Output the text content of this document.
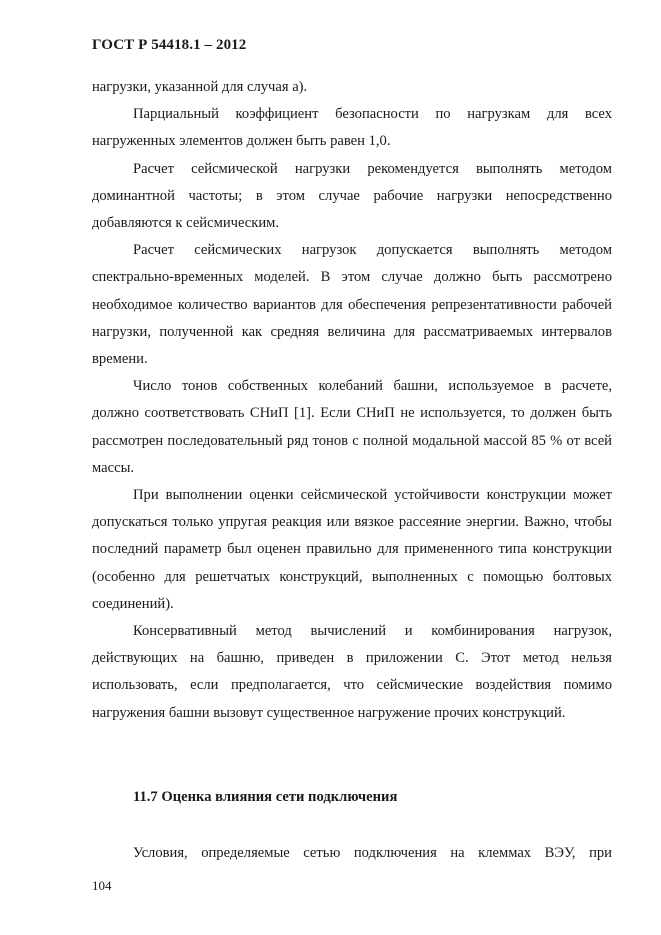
ГОСТ Р 54418.1 – 2012

нагрузки, указанной для случая а).

Парциальный коэффициент безопасности по нагрузкам для всех нагруженных элементов должен быть равен 1,0.

Расчет сейсмической нагрузки рекомендуется выполнять методом доминантной частоты; в этом случае рабочие нагрузки непосредственно добавляются к сейсмическим.

Расчет сейсмических нагрузок допускается выполнять методом спектрально-временных моделей. В этом случае должно быть рассмотрено необходимое количество вариантов для обеспечения репрезентативности рабочей нагрузки, полученной как средняя величина для рассматриваемых интервалов времени.

Число тонов собственных колебаний башни, используемое в расчете, должно соответствовать СНиП [1]. Если СНиП не используется, то должен быть рассмотрен последовательный ряд тонов с полной модальной массой 85 % от всей массы.

При выполнении оценки сейсмической устойчивости конструкции может допускаться только упругая реакция или вязкое рассеяние энергии. Важно, чтобы последний параметр был оценен правильно для примененного типа конструкции (особенно для решетчатых конструкций, выполненных с помощью болтовых соединений).

Консервативный метод вычислений и комбинирования нагрузок, действующих на башню, приведен в приложении С. Этот метод нельзя использовать, если предполагается, что сейсмические воздействия помимо нагружения башни вызовут существенное нагружение прочих конструкций.

11.7 Оценка влияния сети подключения

Условия, определяемые сетью подключения на клеммах ВЭУ, при

104
